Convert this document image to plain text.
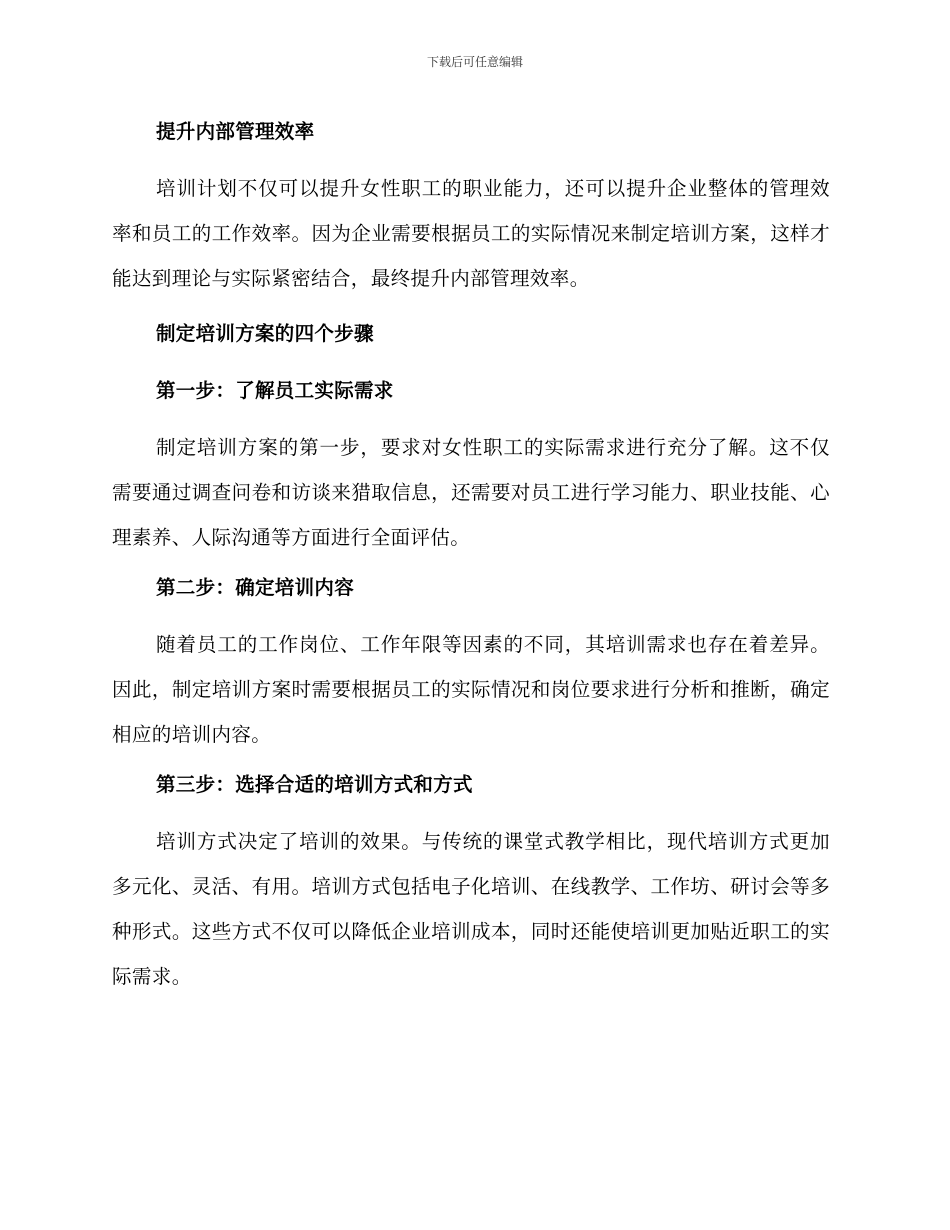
下载后可任意编辑
提升内部管理效率

培训计划不仅可以提升女性职工的职业能力，还可以提升企业整体的管理效率和员工的工作效率。因为企业需要根据员工的实际情况来制定培训方案，这样才能达到理论与实际紧密结合，最终提升内部管理效率。

制定培训方案的四个步骤
第一步：了解员工实际需求

制定培训方案的第一步，要求对女性职工的实际需求进行充分了解。这不仅需要通过调查问卷和访谈来猎取信息，还需要对员工进行学习能力、职业技能、心理素养、人际沟通等方面进行全面评估。

第二步：确定培训内容

随着员工的工作岗位、工作年限等因素的不同，其培训需求也存在着差异。因此，制定培训方案时需要根据员工的实际情况和岗位要求进行分析和推断，确定相应的培训内容。

第三步：选择合适的培训方式和方式

培训方式决定了培训的效果。与传统的课堂式教学相比，现代培训方式更加多元化、灵活、有用。培训方式包括电子化培训、在线教学、工作坊、研讨会等多种形式。这些方式不仅可以降低企业培训成本，同时还能使培训更加贴近职工的实际需求。
